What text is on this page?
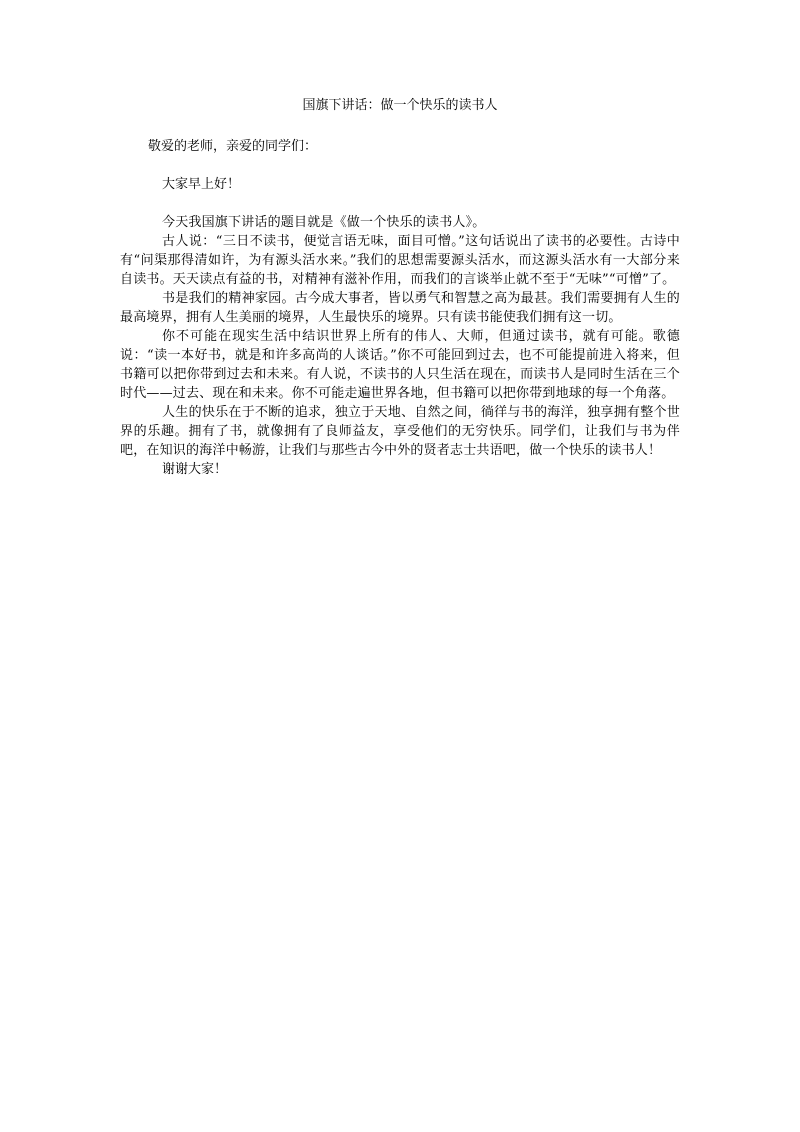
国旗下讲话：做一个快乐的读书人
敬爱的老师，亲爱的同学们：
大家早上好！

今天我国旗下讲话的题目就是《做一个快乐的读书人》。

古人说：“三日不读书，便觉言语无味，面目可憎。”这句话说出了读书的必要性。古诗中有“问渠那得清如许，为有源头活水来。”我们的思想需要源头活水，而这源头活水有一大部分来自读书。天天读点有益的书，对精神有滋补作用，而我们的言谈举止就不至于“无味”“可憎”了。

书是我们的精神家园。古今成大事者，皆以勇气和智慧之高为最甚。我们需要拥有人生的最高境界，拥有人生美丽的境界，人生最快乐的境界。只有读书能使我们拥有这一切。

你不可能在现实生活中结识世界上所有的伟人、大师，但通过读书，就有可能。歌德说：“读一本好书，就是和许多高尚的人谈话。”你不可能回到过去，也不可能提前进入将来，但书籍可以把你带到过去和未来。有人说，不读书的人只生活在现在，而读书人是同时生活在三个时代——过去、现在和未来。你不可能走遍世界各地，但书籍可以把你带到地球的每一个角落。

人生的快乐在于不断的追求，独立于天地、自然之间，徜徉与书的海洋，独享拥有整个世界的乐趣。拥有了书，就像拥有了良师益友，享受他们的无穷快乐。同学们，让我们与书为伴吧，在知识的海洋中畅游，让我们与那些古今中外的贤者志士共语吧，做一个快乐的读书人！

谢谢大家！
